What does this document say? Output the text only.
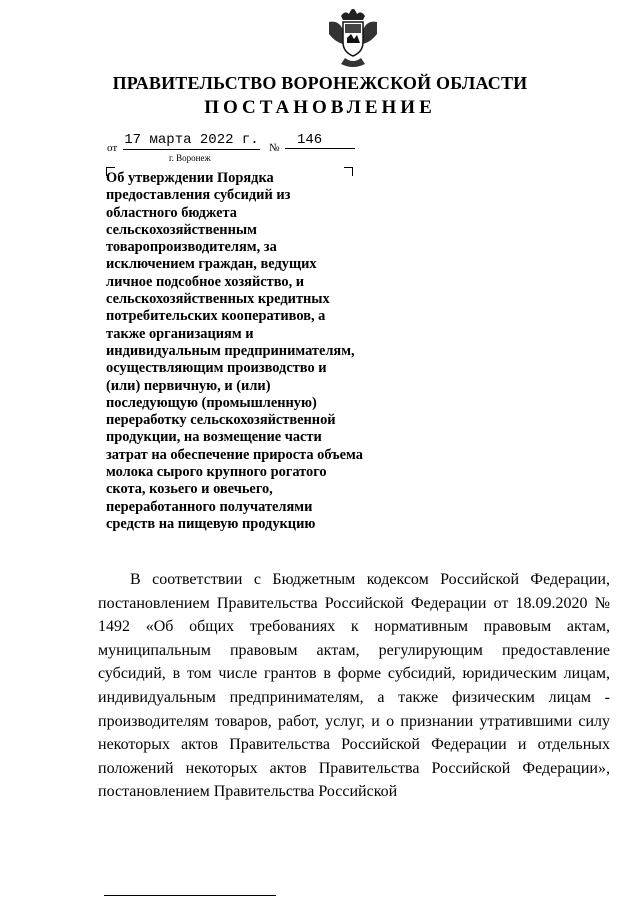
ПРАВИТЕЛЬСТВО ВОРОНЕЖСКОЙ ОБЛАСТИ
ПОСТАНОВЛЕНИЕ
от 17 марта 2022 г. №	146
г. Воронеж
Об утверждении Порядка
предоставления субсидий из
областного бюджета
сельскохозяйственным
товаропроизводителям, за
исключением граждан, ведущих
личное подсобное хозяйство, и
сельскохозяйственных кредитных
потребительских кооперативов, а
также организациям и
индивидуальным предпринимателям,
осуществляющим производство и
(или) первичную, и (или)
последующую (промышленную)
переработку сельскохозяйственной
продукции, на возмещение части
затрат на обеспечение прироста объема
молока сырого крупного рогатого
скота, козьего и овечьего,
переработанного получателями
средств на пищевую продукцию
В соответствии с Бюджетным кодексом Российской Федерации, постановлением Правительства Российской Федерации от 18.09.2020 № 1492 «Об общих требованиях к нормативным правовым актам, муниципальным правовым актам, регулирующим предоставление субсидий, в том числе грантов в форме субсидий, юридическим лицам, индивидуальным предпринимателям, а также физическим лицам - производителям товаров, работ, услуг, и о признании утратившими силу некоторых актов Правительства Российской Федерации и отдельных положений некоторых актов Правительства Российской Федерации», постановлением Правительства Российской
